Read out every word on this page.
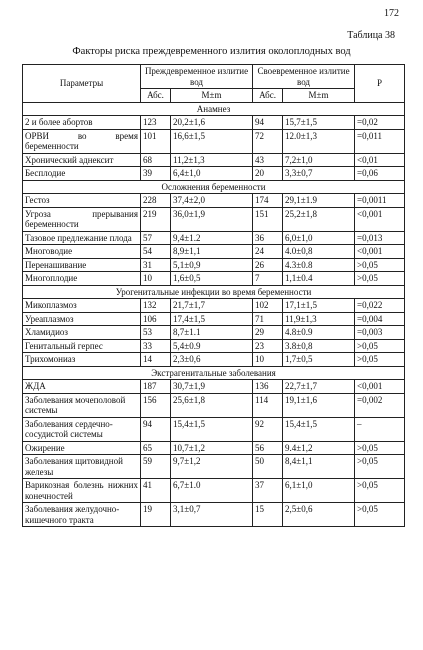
172
Таблица 38
Факторы риска преждевременного излития околоплодных вод
Параметры	Преждевременное излитие вод		Своевременное излитие вод		P
	Абс.	M±m	Абс.	M±m	
Анамнез					
2 и более абортов	123	20,2±1,6	94	15,7±1,5	=0,02
ОРВИ во время беременности	101	16,6±1,5	72	12.0±1,3	=0,011
Хронический аднексит	68	11,2±1,3	43	7,2±1,0	<0,01
Бесплодие	39	6,4±1,0	20	3,3±0,7	=0,06
Осложнения беременности					
Гестоз	228	37,4±2,0	174	29,1±1.9	=0,0011
Угроза прерывания беременности	219	36,0±1,9	151	25,2±1,8	<0,001
Тазовое предлежание плода	57	9,4±1.2	36	6,0±1,0	=0,013
Многоводие	54	8,9±1,1	24	4.0±0,8	<0,001
Перенашивание	31	5,1±0,9	26	4.3±0.8	>0,05
Многоплодие	10	1,6±0,5	7	1,1±0.4	>0,05
Урогенитальные инфекции во время беременности					
Микоплазмоз	132	21,7±1,7	102	17,1±1,5	=0,022
Уреаплазмоз	106	17,4±1,5	71	11,9±1,3	=0,004
Хламидиоз	53	8,7±1.1	29	4.8±0.9	=0,003
Генитальный герпес	33	5,4±0.9	23	3.8±0,8	>0,05
Трихомониаз	14	2,3±0,6	10	1,7±0,5	>0,05
Экстрагенитальные заболевания					
ЖДА	187	30,7±1,9	136	22,7±1,7	<0,001
Заболевания мочеполовой системы	156	25,6±1,8	114	19,1±1,6	=0,002
Заболевания сердечно-сосудистой системы	94	15,4±1,5	92	15,4±1,5	–
Ожирение	65	10,7±1,2	56	9.4±1,2	>0,05
Заболевания щитовидной железы	59	9,7±1,2	50	8,4±1,1	>0,05
Варикозная болезнь нижних конечностей	41	6,7±1.0	37	6,1±1,0	>0,05
Заболевания желудочно-кишечного тракта	19	3,1±0,7	15	2,5±0,6	>0,05
